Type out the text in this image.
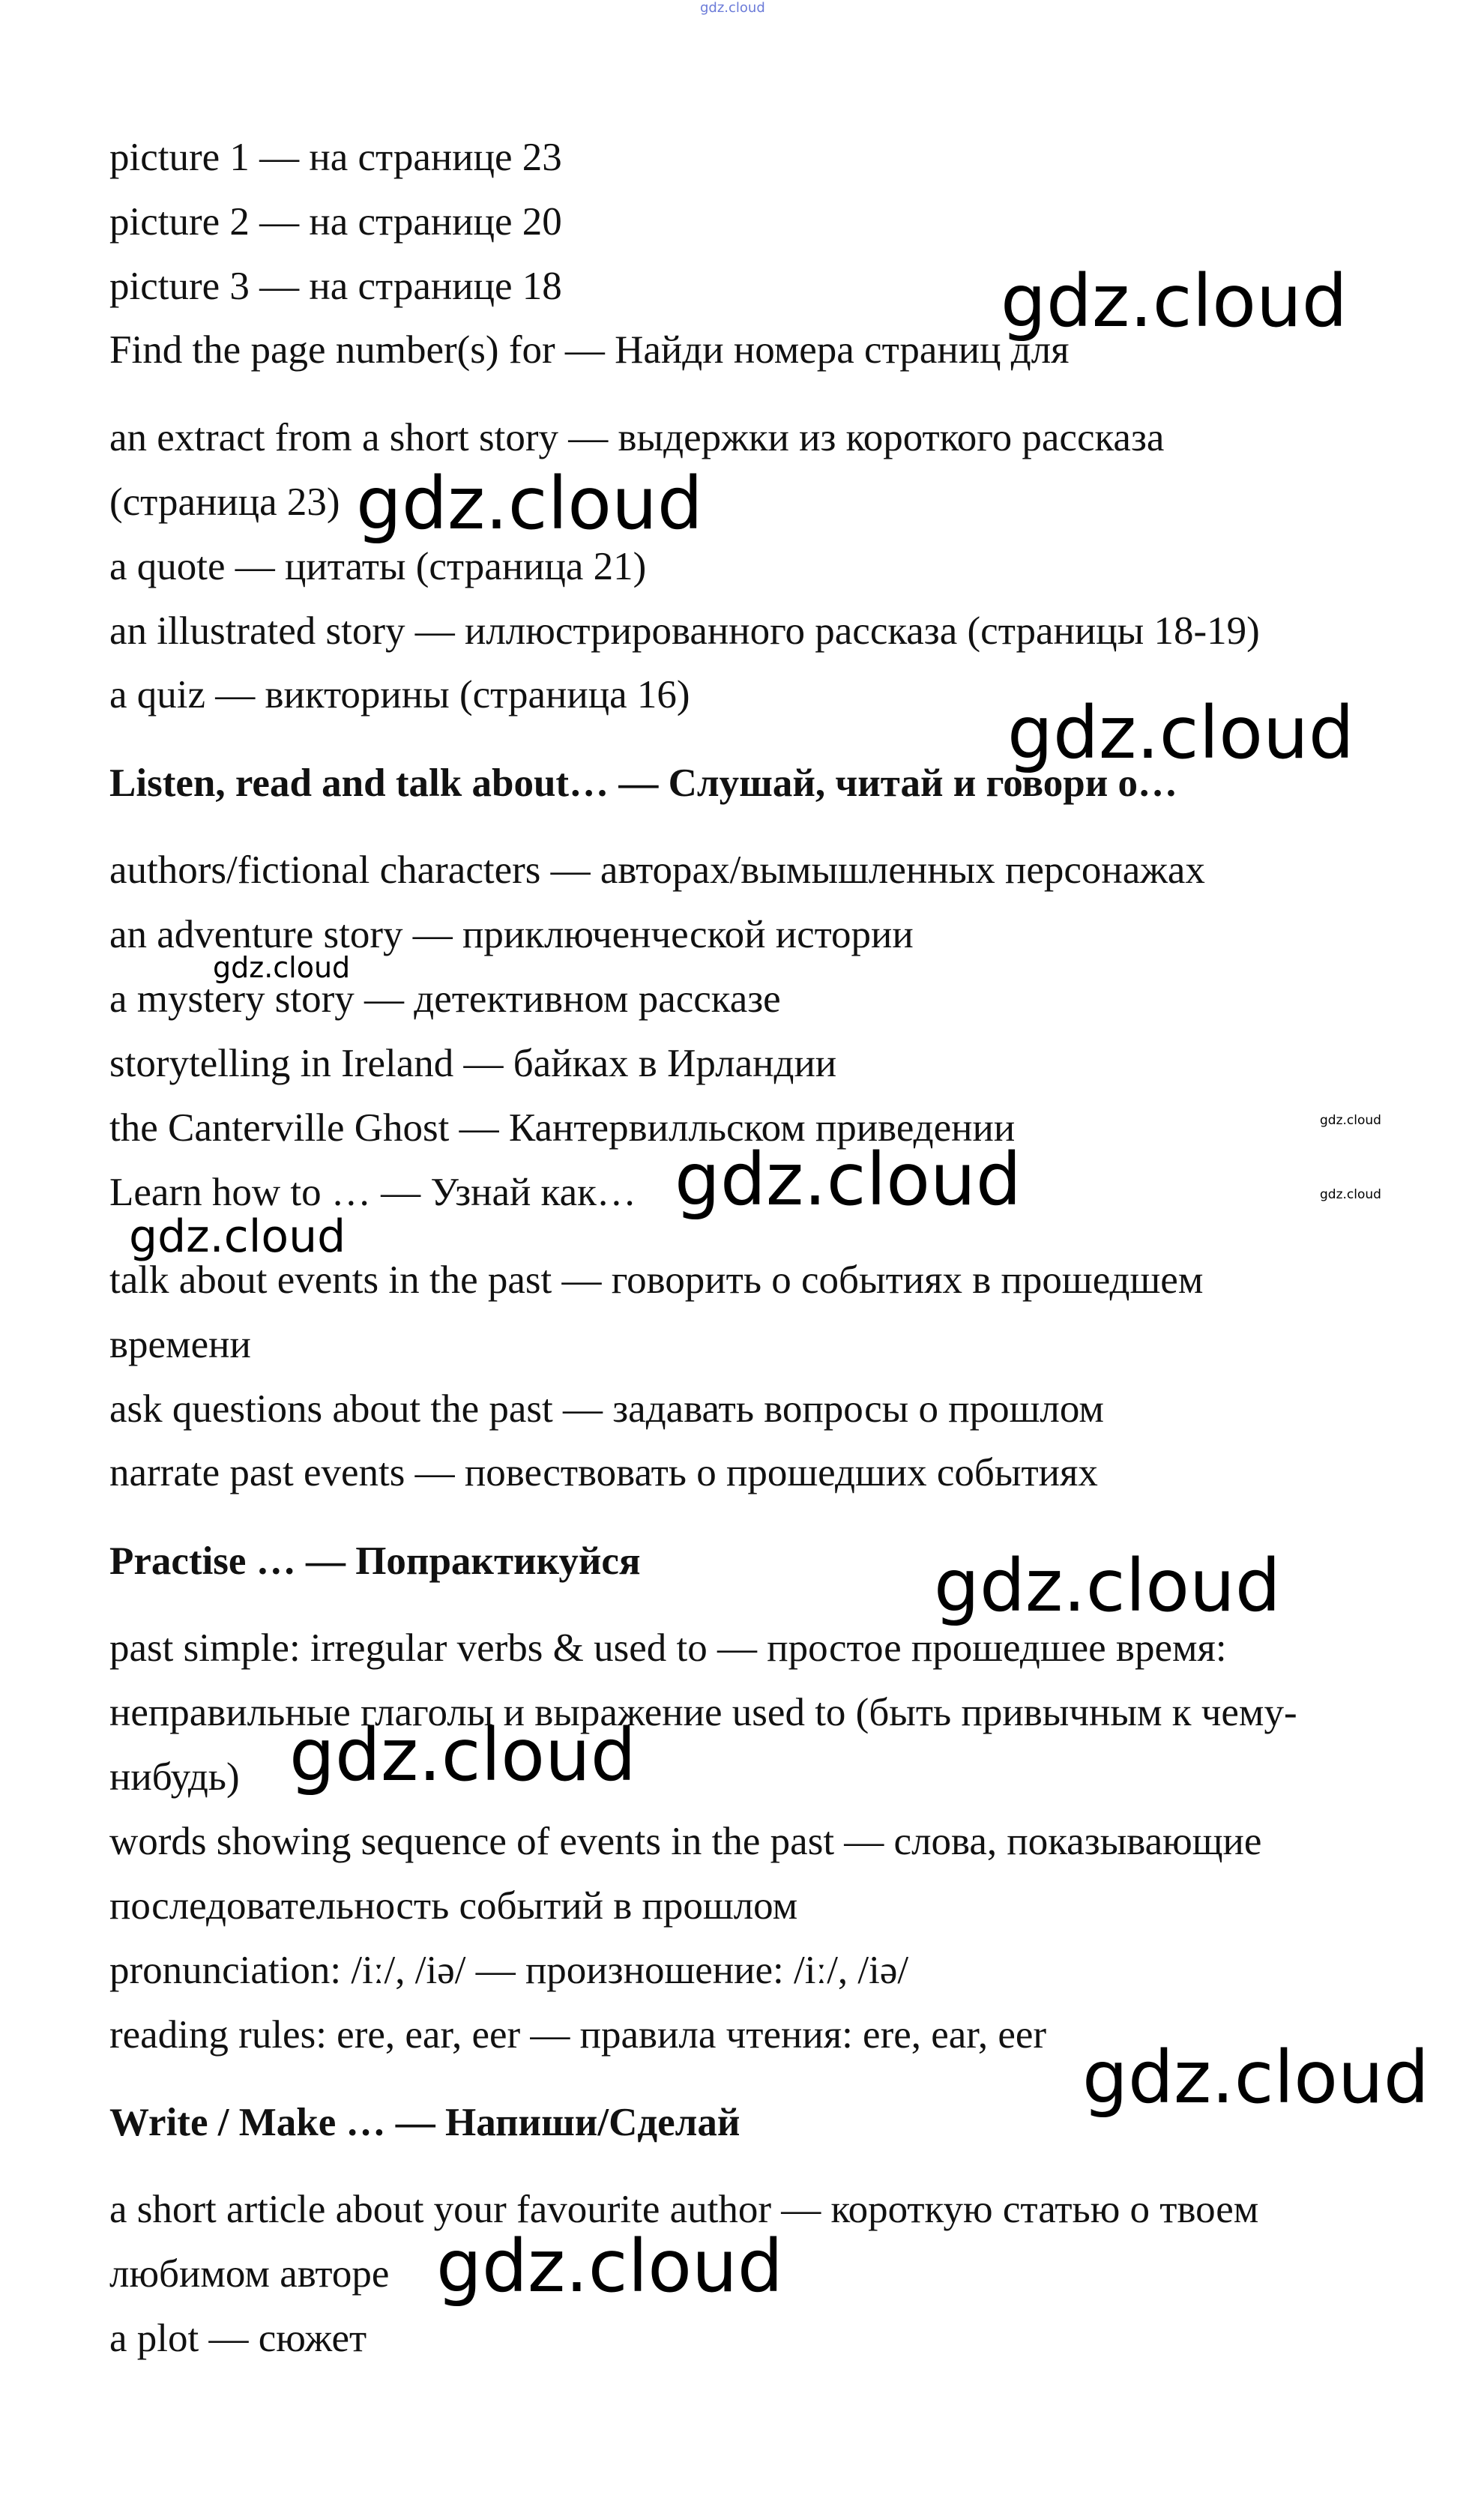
gdz.cloud
picture 1 — на странице 23
picture 2 — на странице 20
picture 3 — на странице 18
Find the page number(s) for — Найди номера страниц для
an extract from a short story — выдержки из короткого рассказа
(страница 23)
a quote — цитаты (страница 21)
an illustrated story — иллюстрированного рассказа (страницы 18-19)
a quiz — викторины (страница 16)
Listen, read and talk about… — Слушай, читай и говори о…
authors/fictional characters — авторах/вымышленных персонажах
an adventure story — приключенческой истории
a mystery story — детективном рассказе
storytelling in Ireland — байках в Ирландии
the Canterville Ghost — Кантервилльском приведении
Learn how to … — Узнай как…
talk about events in the past — говорить о событиях в прошедшем
времени
ask questions about the past — задавать вопросы о прошлом
narrate past events — повествовать о прошедших событиях
Practise … — Попрактикуйся
past simple: irregular verbs & used to — простое прошедшее время:
неправильные глаголы и выражение used to (быть привычным к чему-
нибудь)
words showing sequence of events in the past — слова, показывающие
последовательность событий в прошлом
pronunciation: /iː/, /iə/ — произношение: /iː/, /iə/
reading rules: ere, ear, eer — правила чтения: ere, ear, eer
Write / Make … — Напиши/Сделай
a short article about your favourite author — короткую статью о твоем
любимом авторе
a plot — сюжет
gdz.cloud
gdz.cloud
gdz.cloud
gdz.cloud
gdz.cloud
gdz.cloud	gdz.cloud
gdz.cloud
gdz.cloud
gdz.cloud
gdz.cloud
gdz.cloud
